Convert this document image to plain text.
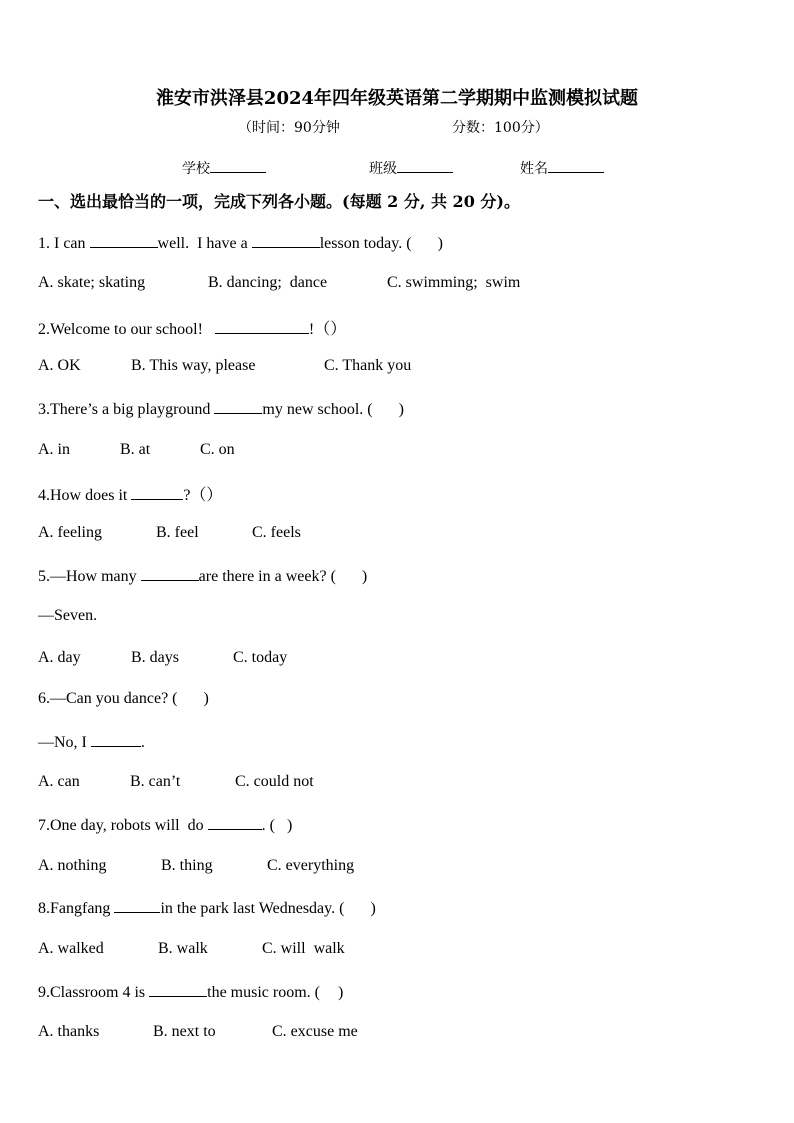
淮安市洪泽县2024年四年级英语第二学期期中监测模拟试题
（时间：90分钟	分数：100分）
学校	班级	姓名
一、选出最恰当的一项，完成下列各小题。(每题 2 分, 共 20 分)。
1. I can	well.  I have a	lesson today. ( )

A. skate; skating

	B. dancing;  dance

	C. swimming;  swim

2.Welcome to our school!	!（）

A. OK

	B. This way, please

	C. Thank you

3.There’s a big playground	my new school. ( )

A. in

	B. at

	C. on

4.How does it	?（）

A. feeling

	B. feel

	C. feels

5.—How many	are there in a week? ( )
—Seven.

A. day

	B. days

	C. today

6.—Can you dance? ( )
—No, I	.

A. can

	B. can’t

	C. could not

7.One day, robots will  do	. ( )

A. nothing

	B. thing

	C. everything

8.Fangfang	in the park last Wednesday. ( )

A. walked

	B. walk

	C. will  walk

9.Classroom 4 is	the music room. ( )

A. thanks

	B. next to

	C. excuse me
